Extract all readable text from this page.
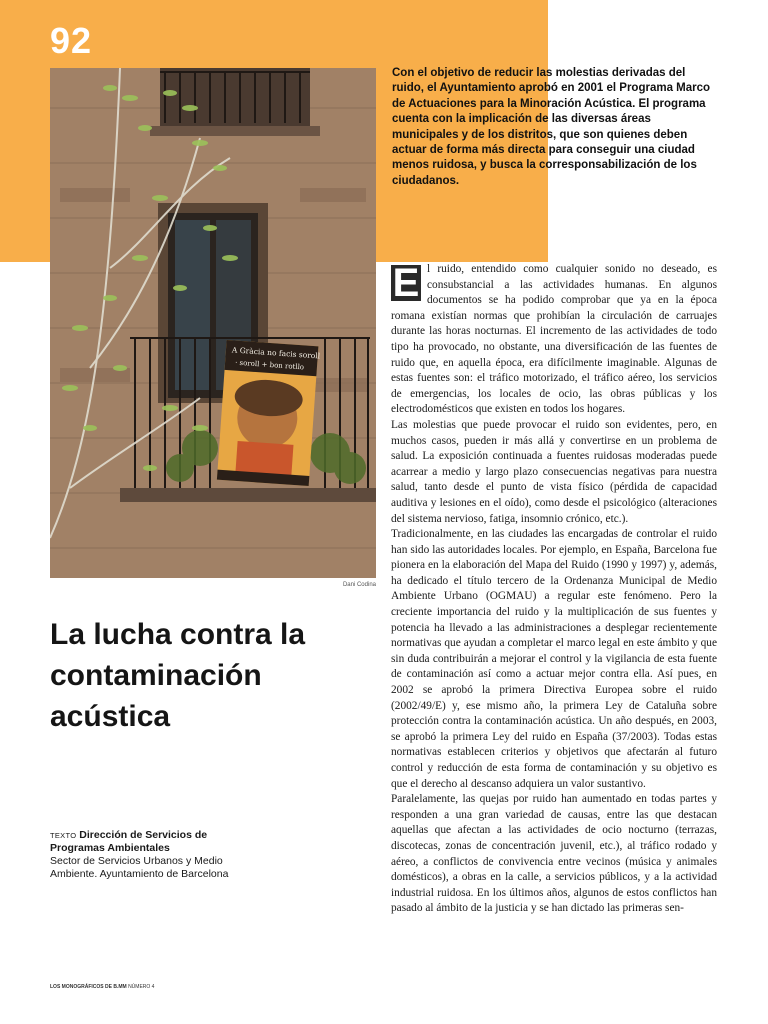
92
A Gràcia no facis soroll
· soroll + bon rotllo
Dani Codina
La lucha contra la contaminación acústica
TEXTO Dirección de Servicios de Programas Ambientales
Sector de Servicios Urbanos y Medio Ambiente. Ayuntamiento de Barcelona

Con el objetivo de reducir las molestias derivadas del ruido, el Ayuntamiento aprobó en 2001 el Programa Marco de Actuaciones para la Minoración Acústica. El programa cuenta con la implicación de las diversas áreas municipales y de los distritos, que son quienes deben actuar de forma más directa para conseguir una ciudad menos ruidosa, y busca la corresponsabilización de los ciudadanos.

E l ruido, entendido como cualquier sonido no deseado, es consubstancial a las actividades humanas. En algunos documentos se ha podido comprobar que ya en la época romana existían normas que prohibían la circulación de carruajes durante las horas nocturnas. El incremento de las actividades de todo tipo ha provocado, no obstante, una diversificación de las fuentes de ruido que, en aquella época, era difícilmente imaginable. Algunas de estas fuentes son: el tráfico motorizado, el tráfico aéreo, los servicios de emergencias, los locales de ocio, las obras públicas y los electrodomésticos que existen en todos los hogares.

Las molestias que puede provocar el ruido son evidentes, pero, en muchos casos, pueden ir más allá y convertirse en un problema de salud. La exposición continuada a fuentes ruidosas moderadas puede acarrear a medio y largo plazo consecuencias negativas para nuestra salud, tanto desde el punto de vista físico (pérdida de capacidad auditiva y lesiones en el oído), como desde el psicológico (alteraciones del sistema nervioso, fatiga, insomnio crónico, etc.).

Tradicionalmente, en las ciudades las encargadas de controlar el ruido han sido las autoridades locales. Por ejemplo, en España, Barcelona fue pionera en la elaboración del Mapa del Ruido (1990 y 1997) y, además, ha dedicado el título tercero de la Ordenanza Municipal de Medio Ambiente Urbano (OGMAU) a regular este fenómeno. Pero la creciente importancia del ruido y la multiplicación de sus fuentes y potencia ha llevado a las administraciones a desplegar recientemente normativas que ayudan a completar el marco legal en este ámbito y que sin duda contribuirán a mejorar el control y la vigilancia de esta fuente de contaminación así como a actuar mejor contra ella. Así pues, en 2002 se aprobó la primera Directiva Europea sobre el ruido (2002/49/E) y, ese mismo año, la primera Ley de Cataluña sobre protección contra la contaminación acústica. Un año después, en 2003, se aprobó la primera Ley del ruido en España (37/2003). Todas estas normativas establecen criterios y objetivos que afectarán al futuro control y reducción de esta forma de contaminación y su objetivo es que el derecho al descanso adquiera un valor sustantivo.

Paralelamente, las quejas por ruido han aumentado en todas partes y responden a una gran variedad de causas, entre las que destacan aquellas que afectan a las actividades de ocio nocturno (terrazas, discotecas, zonas de concentración juvenil, etc.), al tráfico rodado y aéreo, a conflictos de convivencia entre vecinos (música y animales domésticos), a obras en la calle, a servicios públicos, y a la actividad industrial ruidosa. En los últimos años, algunos de estos conflictos han pasado al ámbito de la justicia y se han dictado las primeras sen-

LOS MONOGRÁFICOS DE B.MM NÚMERO 4
